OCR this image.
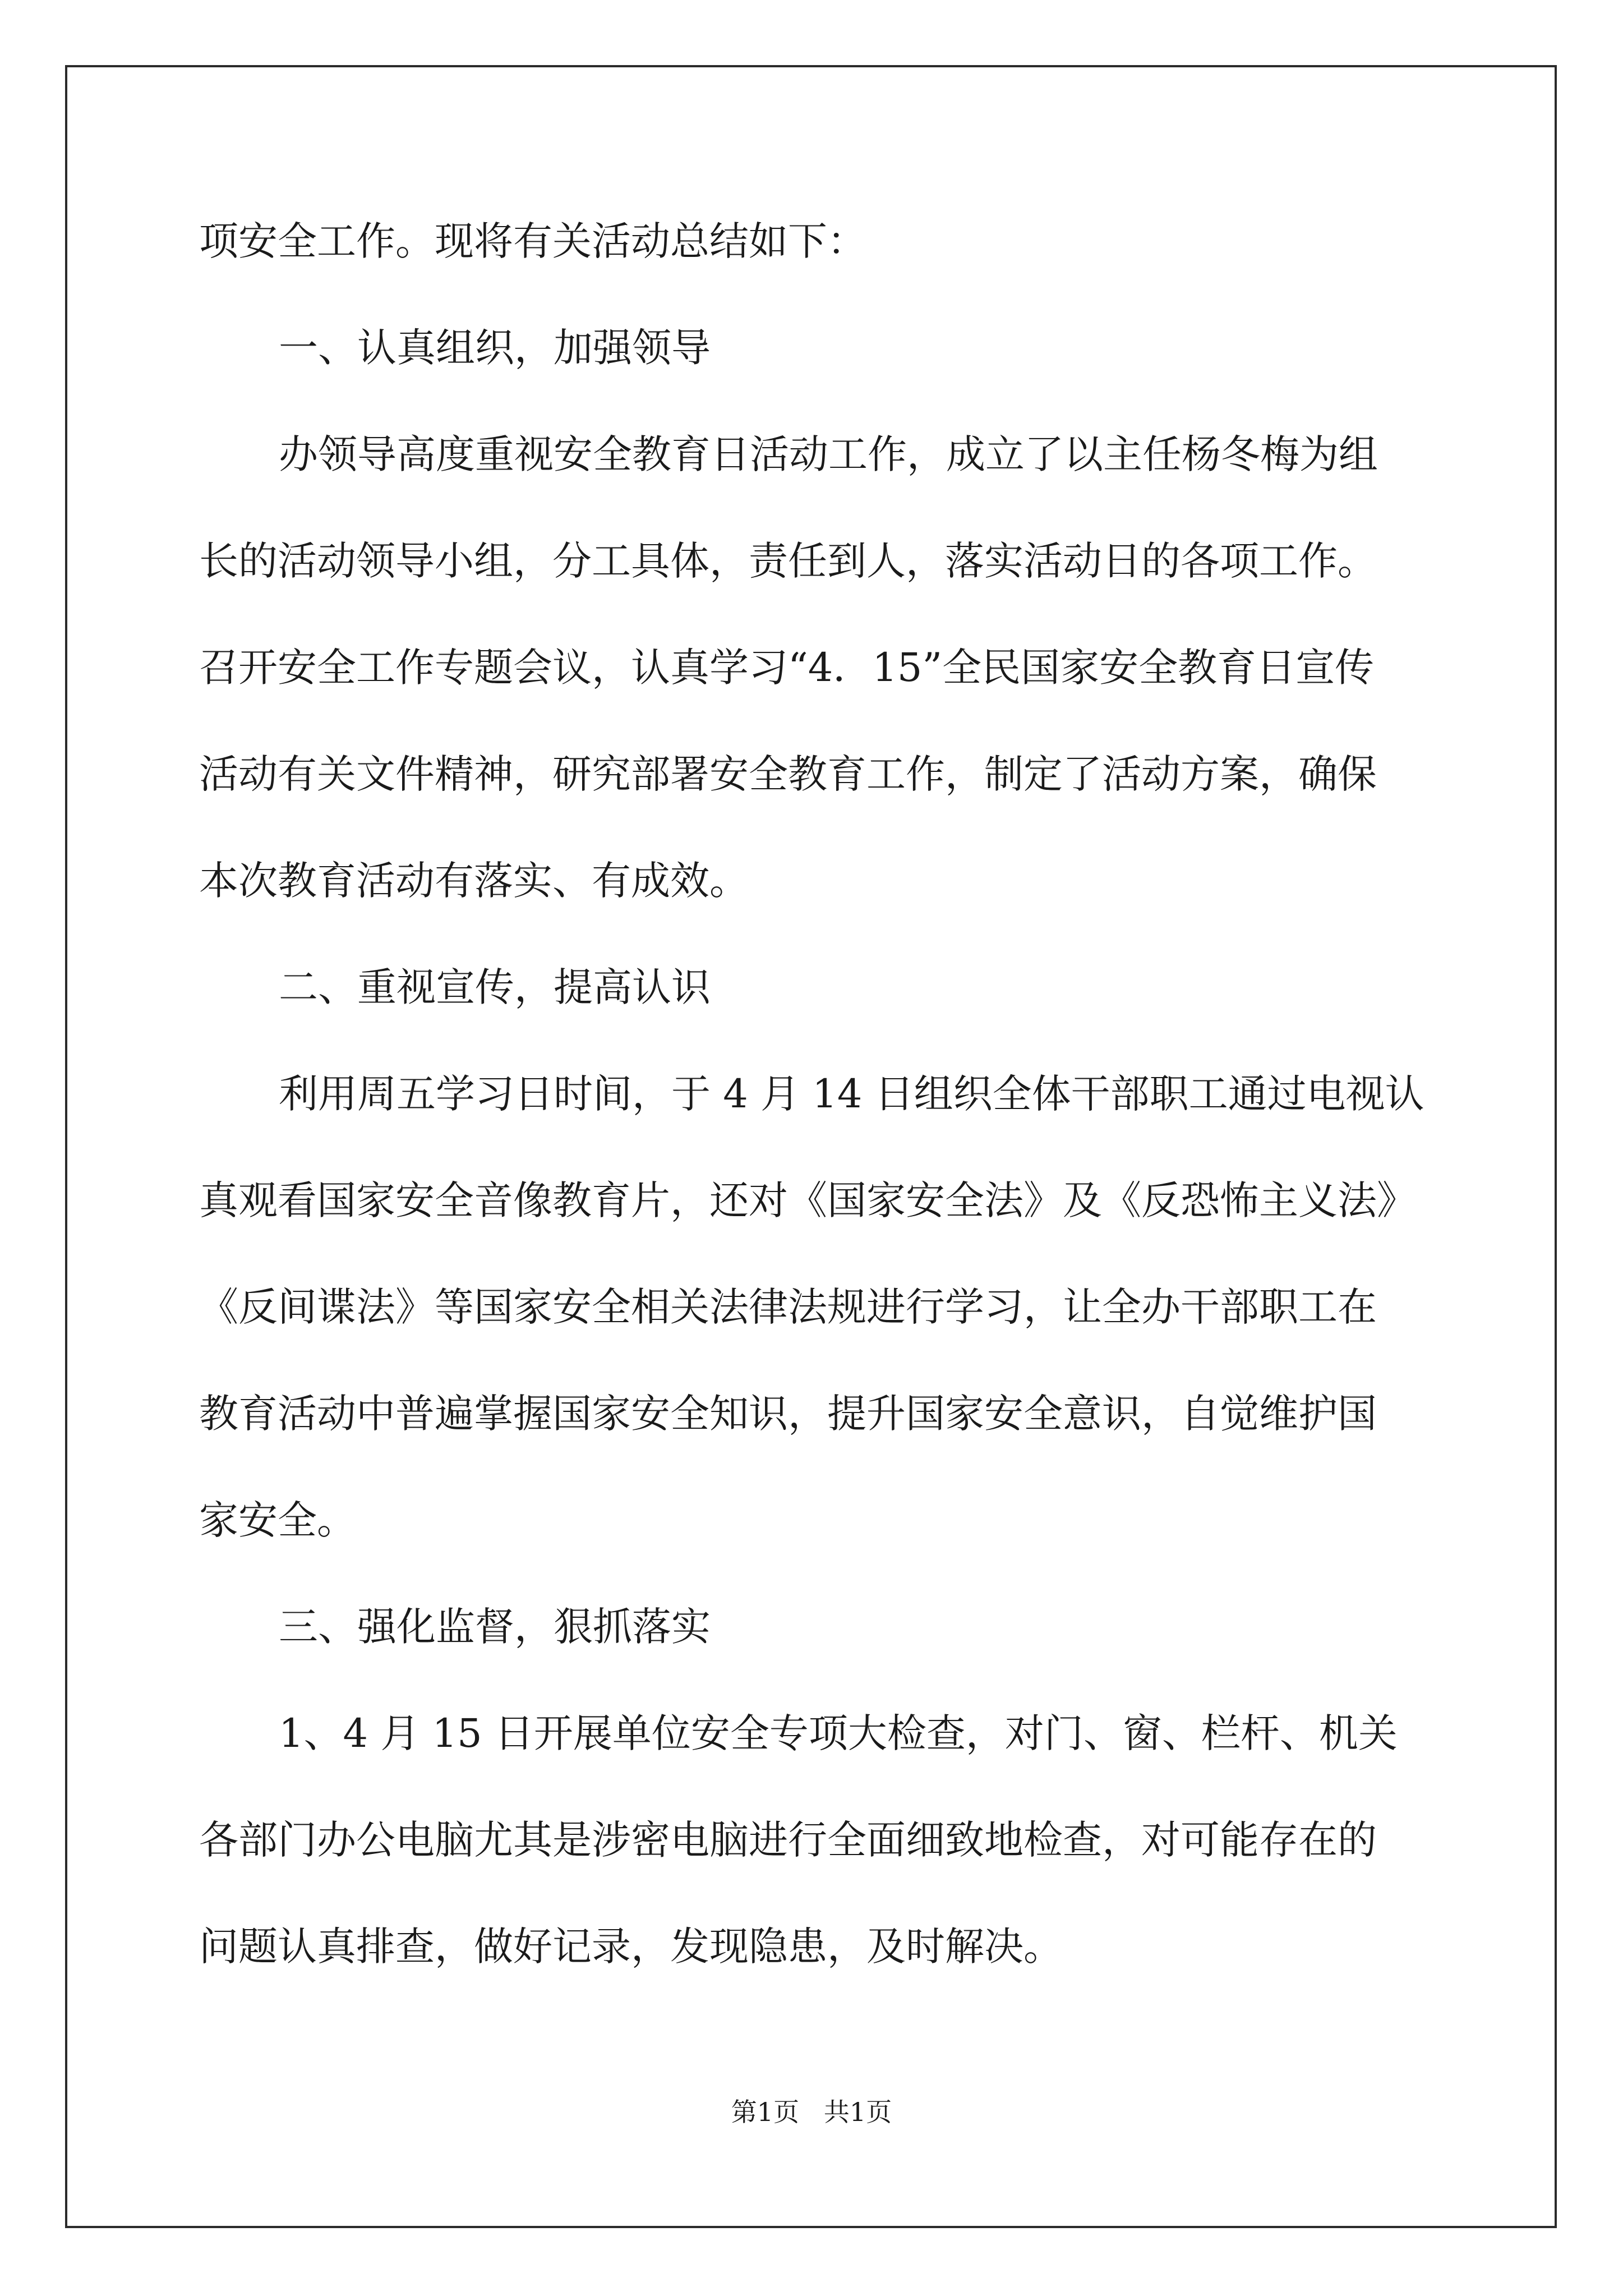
项安全工作。现将有关活动总结如下：
一、认真组织，加强领导
办领导高度重视安全教育日活动工作，成立了以主任杨冬梅为组
长的活动领导小组，分工具体，责任到人，落实活动日的各项工作。
召开安全工作专题会议，认真学习“4．15”全民国家安全教育日宣传
活动有关文件精神，研究部署安全教育工作，制定了活动方案，确保
本次教育活动有落实、有成效。
二、重视宣传，提高认识
利用周五学习日时间，于 4 月 14 日组织全体干部职工通过电视认
真观看国家安全音像教育片，还对《国家安全法》及《反恐怖主义法》
《反间谍法》等国家安全相关法律法规进行学习，让全办干部职工在
教育活动中普遍掌握国家安全知识，提升国家安全意识，自觉维护国
家安全。
三、强化监督，狠抓落实
1、4 月 15 日开展单位安全专项大检查，对门、窗、栏杆、机关
各部门办公电脑尤其是涉密电脑进行全面细致地检查，对可能存在的
问题认真排查，做好记录，发现隐患，及时解决。
第1页   共1页
